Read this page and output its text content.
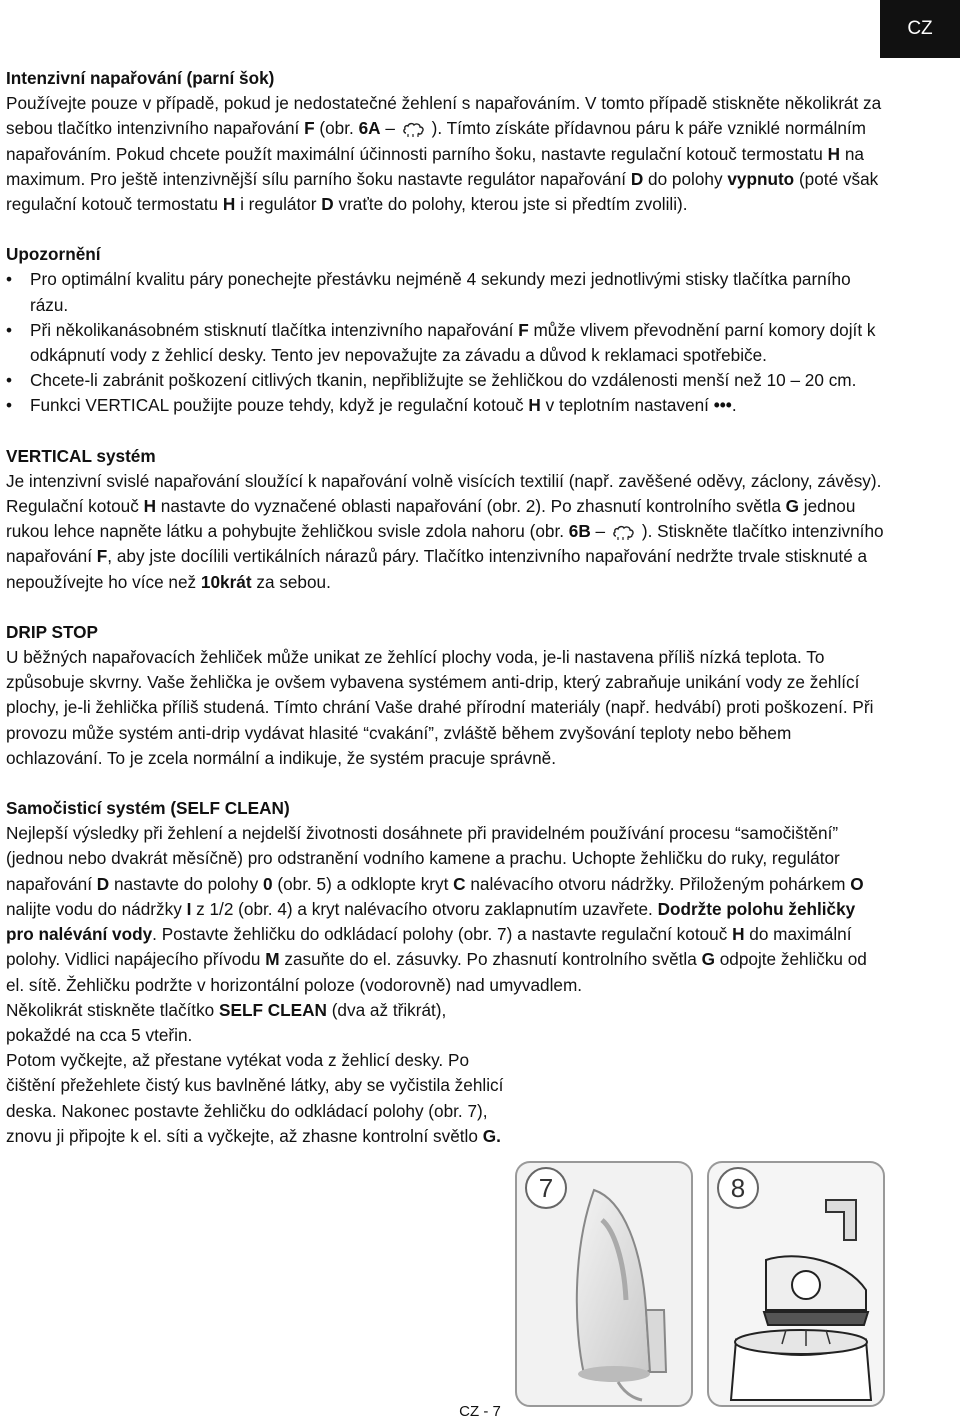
CZ
Intenzivní napařování (parní šok)

Používejte pouze v případě, pokud je nedostatečné žehlení s napařováním. V tomto případě stiskněte několikrát za sebou tlačítko intenzivního napařování F (obr. 6A – ). Tímto získáte přídavnou páru k páře vzniklé normálním napařováním. Pokud chcete použít maximální účinnosti parního šoku, nastavte regulační kotouč termostatu H na maximum. Pro ještě intenzivnější sílu parního šoku nastavte regulátor napařování D do polohy vypnuto (poté však regulační kotouč termostatu H i regulátor D vraťte do polohy, kterou jste si předtím zvolili).

Upozornění
• Pro optimální kvalitu páry ponechejte přestávku nejméně 4 sekundy mezi jednotlivými stisky tlačítka parního rázu.
• Při několikanásobném stisknutí tlačítka intenzivního napařování F může vlivem převodnění parní komory dojít k odkápnutí vody z žehlicí desky. Tento jev nepovažujte za závadu a důvod k reklamaci spotřebiče.
• Chcete-li zabránit poškození citlivých tkanin, nepřibližujte se žehličkou do vzdálenosti menší než 10 – 20 cm.
• Funkci VERTICAL použijte pouze tehdy, když je regulační kotouč H v teplotním nastavení •••.
VERTICAL systém

Je intenzivní svislé napařování sloužící k napařování volně visících textilií (např. zavěšené oděvy, záclony, závěsy). Regulační kotouč H nastavte do vyznačené oblasti napařování (obr. 2). Po zhasnutí kontrolního světla G jednou rukou lehce napněte látku a pohybujte žehličkou svisle zdola nahoru (obr. 6B – ). Stiskněte tlačítko intenzivního napařování F, aby jste docílili vertikálních nárazů páry. Tlačítko intenzivního napařování nedržte trvale stisknuté a nepoužívejte ho více než 10krát za sebou.

DRIP STOP

U běžných napařovacích žehliček může unikat ze žehlící plochy voda, je-li nastavena příliš nízká teplota. To způsobuje skvrny. Vaše žehlička je ovšem vybavena systémem anti-drip, který zabraňuje unikání vody ze žehlící plochy, je-li žehlička příliš studená. Tímto chrání Vaše drahé přírodní materiály (např. hedvábí) proti poškození. Při provozu může systém anti-drip vydávat hlasité “cvakání”, zvláště během zvyšování teploty nebo během ochlazování. To je zcela normální a indikuje, že systém pracuje správně.

Samočisticí systém (SELF CLEAN)

Nejlepší výsledky při žehlení a nejdelší životnosti dosáhnete při pravidelném používání procesu “samočištění” (jednou nebo dvakrát měsíčně) pro odstranění vodního kamene a prachu. Uchopte žehličku do ruky, regulátor napařování D nastavte do polohy 0 (obr. 5) a odklopte kryt C nalévacího otvoru nádržky. Přiloženým pohárkem O nalijte vodu do nádržky I z 1/2 (obr. 4) a kryt nalévacího otvoru zaklapnutím uzavřete. Dodržte polohu žehličky pro nalévání vody. Postavte žehličku do odkládací polohy (obr. 7) a nastavte regulační kotouč H do maximální polohy. Vidlici napájecího přívodu M zasuňte do el. zásuvky. Po zhasnutí kontrolního světla G odpojte žehličku od el. sítě. Žehličku podržte v horizontální poloze (vodorovně) nad umyvadlem.

Několikrát stiskněte tlačítko SELF CLEAN (dva až třikrát), pokaždé na cca 5 vteřin.

Potom vyčkejte, až přestane vytékat voda z žehlicí desky. Po čištění přežehlete čistý kus bavlněné látky, aby se vyčistila žehlicí deska. Nakonec postavte žehličku do odkládací polohy (obr. 7), znovu ji připojte k el. síti a vyčkejte, až zhasne kontrolní světlo G.

7	8
CZ - 7
